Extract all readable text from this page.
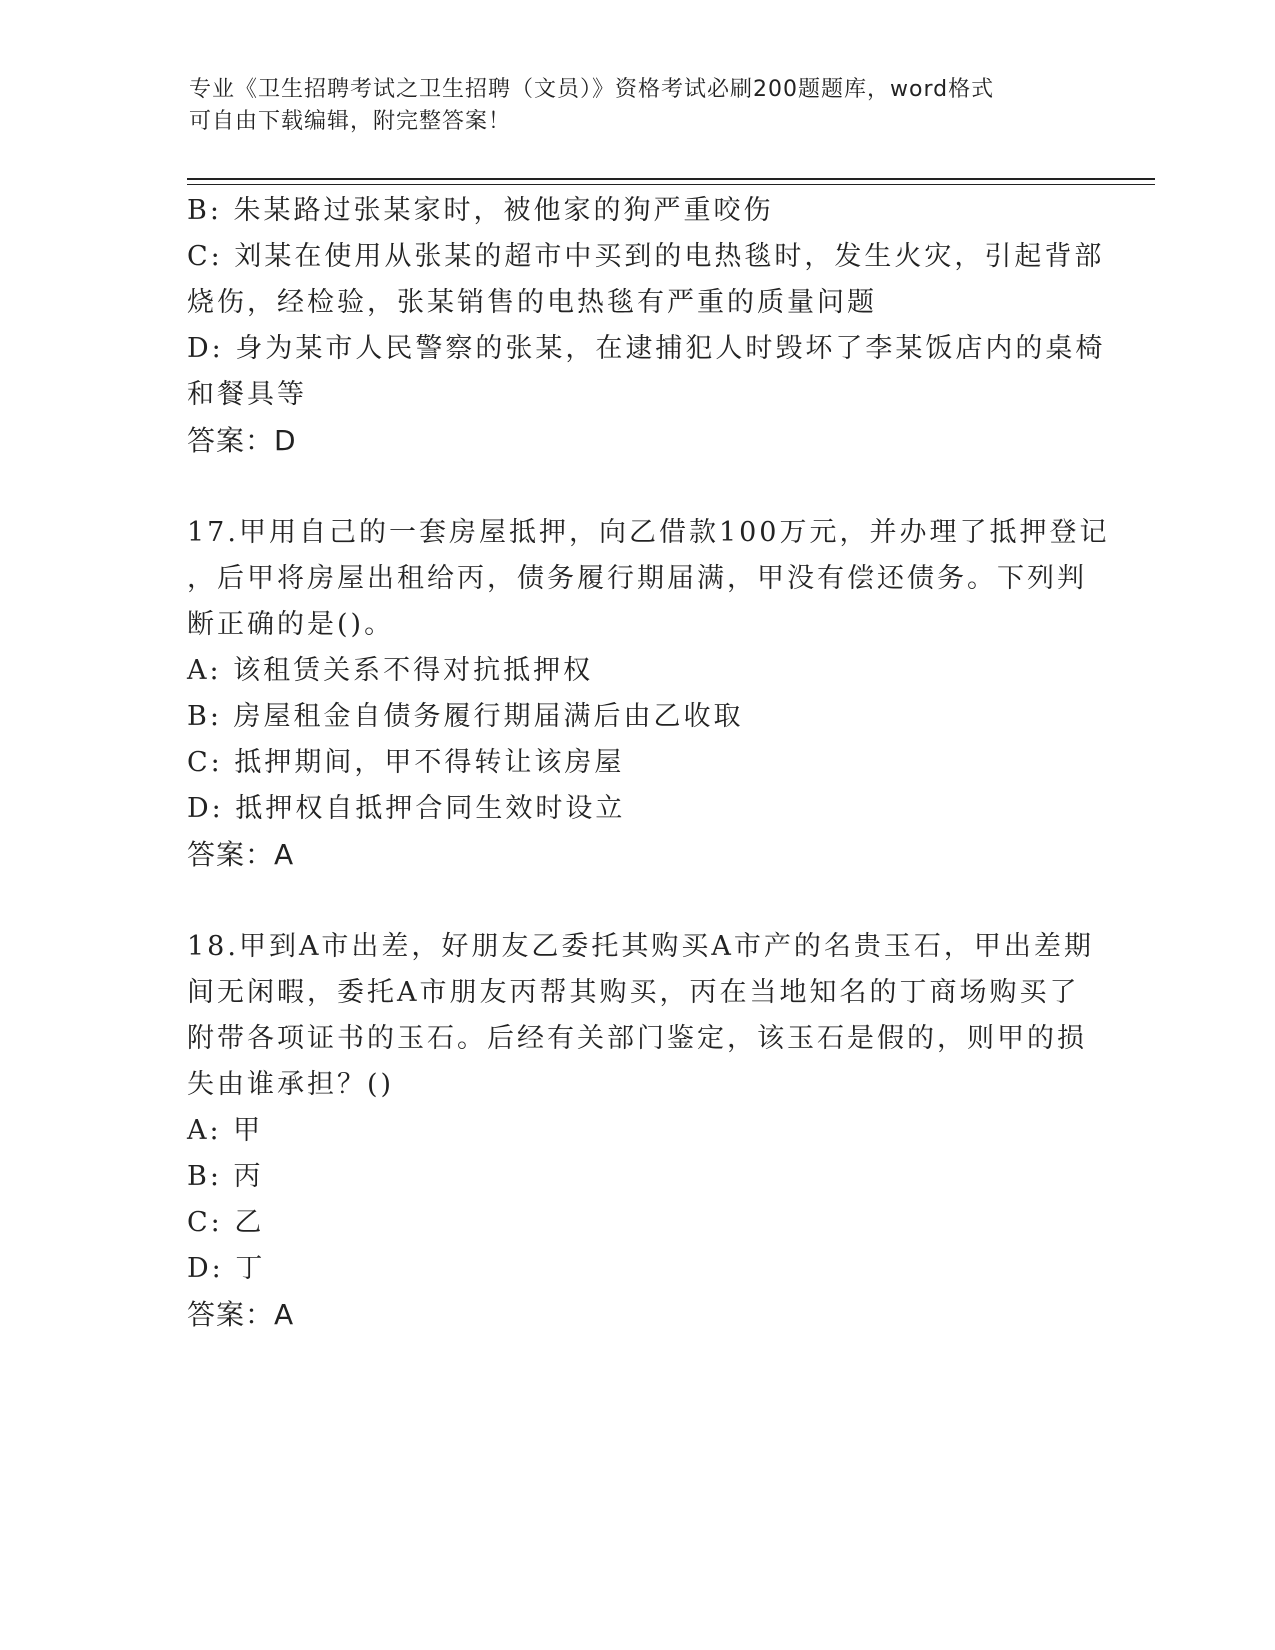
专业《卫生招聘考试之卫生招聘（文员）》资格考试必刷200题题库，word格式
可自由下载编辑，附完整答案！
B: 朱某路过张某家时，被他家的狗严重咬伤
C: 刘某在使用从张某的超市中买到的电热毯时，发生火灾，引起背部
烧伤，经检验，张某销售的电热毯有严重的质量问题
D: 身为某市人民警察的张某，在逮捕犯人时毁坏了李某饭店内的桌椅
和餐具等
答案：D
17.甲用自己的一套房屋抵押，向乙借款100万元，并办理了抵押登记
，后甲将房屋出租给丙，债务履行期届满，甲没有偿还债务。下列判
断正确的是()。
A: 该租赁关系不得对抗抵押权
B: 房屋租金自债务履行期届满后由乙收取
C: 抵押期间，甲不得转让该房屋
D: 抵押权自抵押合同生效时设立
答案：A
18.甲到A市出差，好朋友乙委托其购买A市产的名贵玉石，甲出差期
间无闲暇，委托A市朋友丙帮其购买，丙在当地知名的丁商场购买了
附带各项证书的玉石。后经有关部门鉴定，该玉石是假的，则甲的损
失由谁承担？()
A: 甲
B: 丙
C: 乙
D: 丁
答案：A
